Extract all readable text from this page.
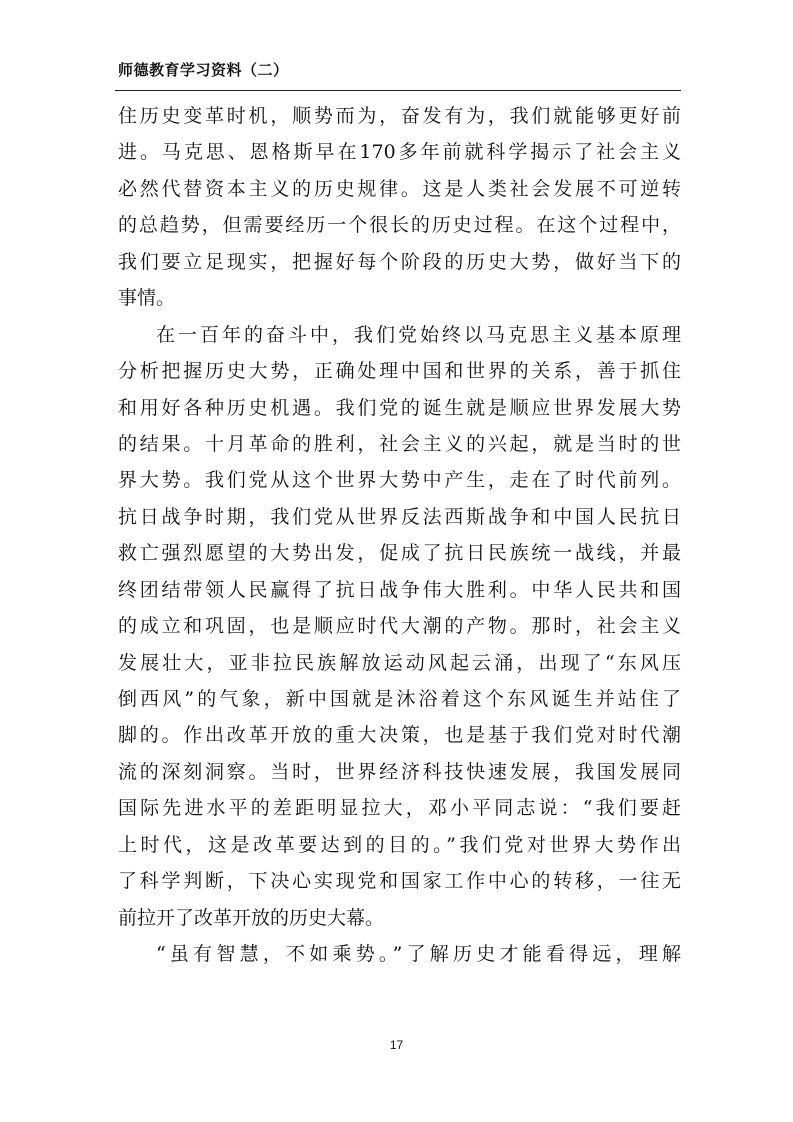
师德教育学习资料（二）
住历史变革时机，顺势而为，奋发有为，我们就能够更好前
进。马克思、恩格斯早在170多年前就科学揭示了社会主义
必然代替资本主义的历史规律。这是人类社会发展不可逆转
的总趋势，但需要经历一个很长的历史过程。在这个过程中，
我们要立足现实，把握好每个阶段的历史大势，做好当下的
事情。
在一百年的奋斗中，我们党始终以马克思主义基本原理
分析把握历史大势，正确处理中国和世界的关系，善于抓住
和用好各种历史机遇。我们党的诞生就是顺应世界发展大势
的结果。十月革命的胜利，社会主义的兴起，就是当时的世
界大势。我们党从这个世界大势中产生，走在了时代前列。
抗日战争时期，我们党从世界反法西斯战争和中国人民抗日
救亡强烈愿望的大势出发，促成了抗日民族统一战线，并最
终团结带领人民赢得了抗日战争伟大胜利。中华人民共和国
的成立和巩固，也是顺应时代大潮的产物。那时，社会主义
发展壮大，亚非拉民族解放运动风起云涌，出现了“东风压
倒西风”的气象，新中国就是沐浴着这个东风诞生并站住了
脚的。作出改革开放的重大决策，也是基于我们党对时代潮
流的深刻洞察。当时，世界经济科技快速发展，我国发展同
国际先进水平的差距明显拉大，邓小平同志说：“我们要赶
上时代，这是改革要达到的目的。”我们党对世界大势作出
了科学判断，下决心实现党和国家工作中心的转移，一往无
前拉开了改革开放的历史大幕。
“虽有智慧，不如乘势。”了解历史才能看得远，理解
17
